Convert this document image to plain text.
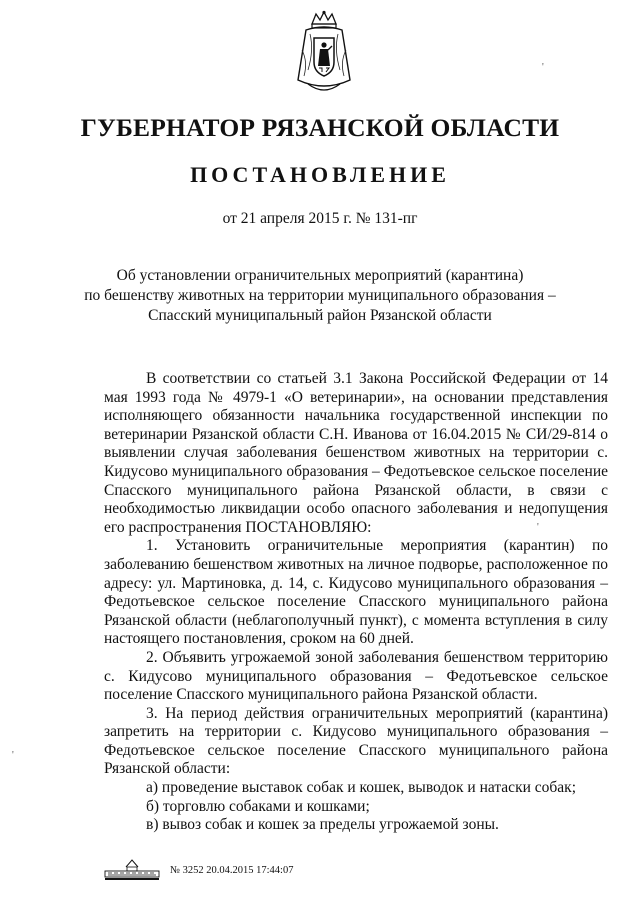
ГУБЕРНАТОР РЯЗАНСКОЙ ОБЛАСТИ
ПОСТАНОВЛЕНИЕ
от 21 апреля 2015 г. № 131-пг
Об установлении ограничительных мероприятий (карантина)
по бешенству животных на территории муниципального образования –
Спасский муниципальный район Рязанской области

В соответствии со статьей 3.1 Закона Российской Федерации от 14 мая 1993 года № 4979-1 «О ветеринарии», на основании представления исполняющего обязанности начальника государственной инспекции по ветеринарии Рязанской области С.Н. Иванова от 16.04.2015 № СИ/29-814 о выявлении случая заболевания бешенством животных на территории с. Кидусово муниципального образования – Федотьевское сельское поселение Спасского муниципального района Рязанской области, в связи с необходимостью ликвидации особо опасного заболевания и недопущения его распространения ПОСТАНОВЛЯЮ:

1. Установить ограничительные мероприятия (карантин) по заболеванию бешенством животных на личное подворье, расположенное по адресу: ул. Мартиновка, д. 14, с. Кидусово муниципального образования – Федотьевское сельское поселение Спасского муниципального района Рязанской области (неблагополучный пункт), с момента вступления в силу настоящего постановления, сроком на 60 дней.

2. Объявить угрожаемой зоной заболевания бешенством территорию с. Кидусово муниципального образования – Федотьевское сельское поселение Спасского муниципального района Рязанской области.

3. На период действия ограничительных мероприятий (карантина) запретить на территории с. Кидусово муниципального образования – Федотьевское сельское поселение Спасского муниципального района Рязанской области:

а) проведение выставок собак и кошек, выводок и натаски собак;

б) торговлю собаками и кошками;

в) вывоз собак и кошек за пределы угрожаемой зоны.

№ 3252 20.04.2015 17:44:07
'
'
'
